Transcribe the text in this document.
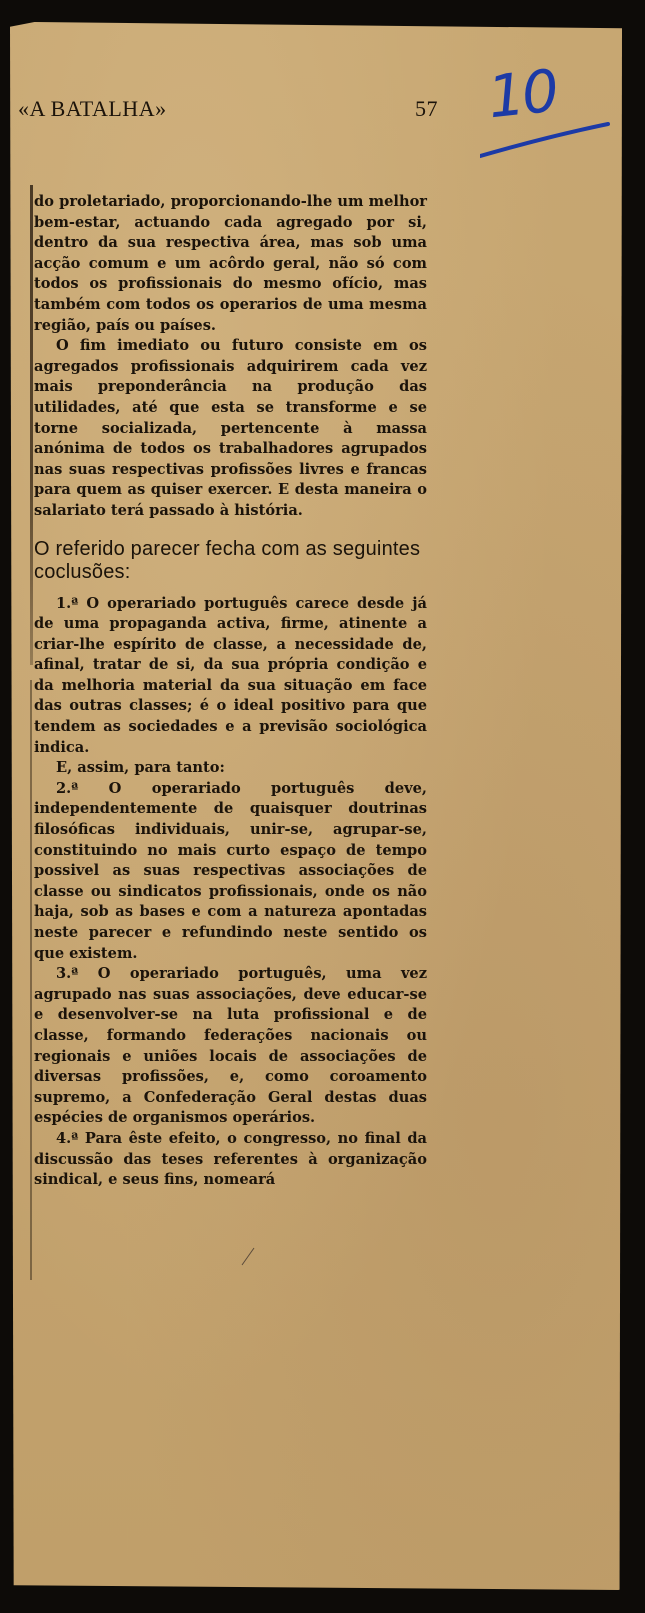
«A BATALHA»	57 10

do proletariado, proporcionando-lhe um melhor bem-estar, actuando cada agregado por si, dentro da sua respectiva área, mas sob uma acção comum e um acôrdo geral, não só com todos os profissionais do mesmo ofício, mas também com todos os operarios de uma mesma região, país ou países.

O fim imediato ou futuro consiste em os agregados profissionais adquirirem cada vez mais preponderância na produção das utilidades, até que esta se transforme e se torne socializada, pertencente à massa anónima de todos os trabalhadores agrupados nas suas respectivas profissões livres e francas para quem as quiser exercer. E desta maneira o salariato terá passado à história.

O referido parecer fecha com as seguintes coclusões:

1.ª O operariado português carece desde já de uma propaganda activa, firme, atinente a criar-lhe espírito de classe, a necessidade de, afinal, tratar de si, da sua própria condição e da melhoria material da sua situação em face das outras classes; é o ideal positivo para que tendem as sociedades e a previsão sociológica indica.

E, assim, para tanto:

2.ª O operariado português deve, independentemente de quaisquer doutrinas filosóficas individuais, unir-se, agrupar-se, constituindo no mais curto espaço de tempo possivel as suas respectivas associações de classe ou sindicatos profissionais, onde os não haja, sob as bases e com a natureza apontadas neste parecer e refundindo neste sentido os que existem.

3.ª O operariado português, uma vez agrupado nas suas associações, deve educar-se e desenvolver-se na luta profissional e de classe, formando federações nacionais ou regionais e uniões locais de associações de diversas profissões, e, como coroamento supremo, a Confederação Geral destas duas espécies de organismos operários.

4.ª Para êste efeito, o congresso, no final da discussão das teses referentes à organização sindical, e seus fins, nomeará
